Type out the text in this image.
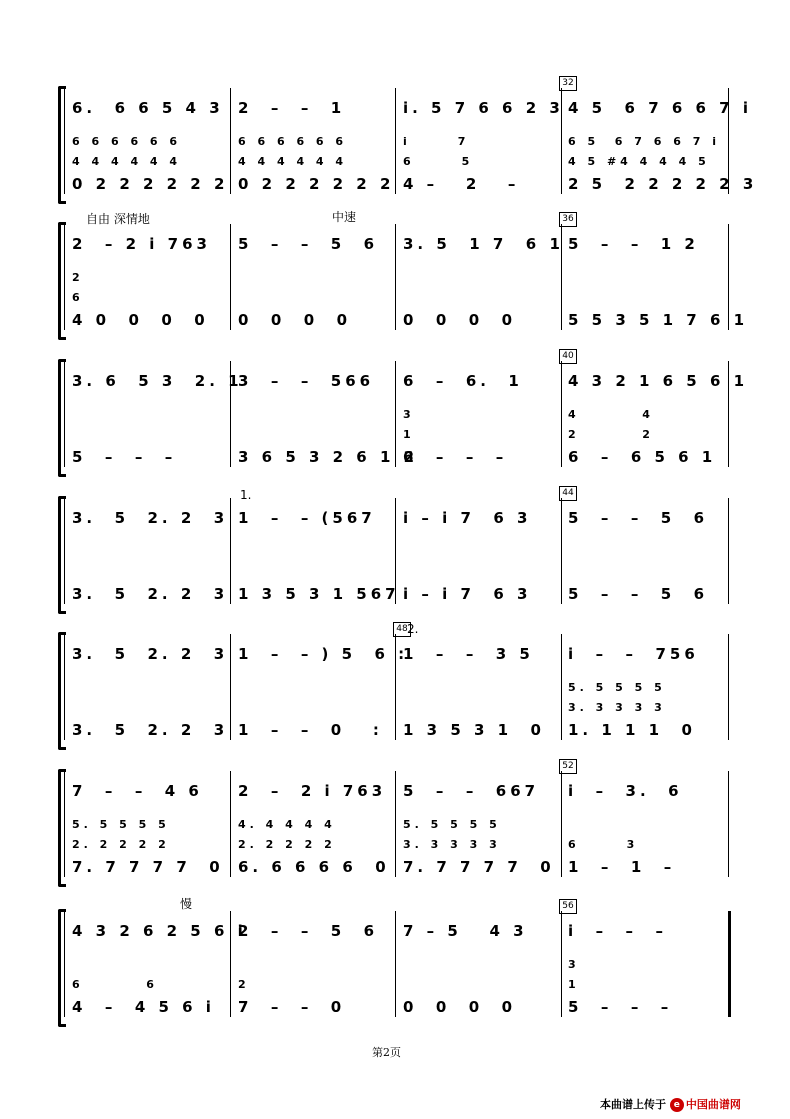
32
6.  6 6 5 4 3
6 6 6 6 6 6
4 4 4 4 4 4
0 2 2 2 2 2 2
2  –  –  1
6 6 6 6 6 6
4 4 4 4 4 4
0 2 2 2 2 2 2
i. 5 7 6 6 2 3
i      7
6      5
4 –   2   –
4 5  6 7 6 6 7 i
6 5  6 7 6 6 7 i
4 5 #4 4 4 4 5
2 5  2 2 2 2 2 3
36
自由 深情地	中速
2  – 2 i 763
2
6
4 0  0  0  0
5  –  –  5  6
0  0  0  0
3. 5  1 7  6 1
0  0  0  0
5  –  –  1 2
5 5 3 5 1 7 6 1
40
3. 6  5 3  2. 1
5  –  –  –
3  –  –  566
3 6 5 3 2 6 1 2
6  –  6.  1
3
1
6  –  –  –
4 3 2 1 6 5 6 1
4        4
2        2
6  –  6 5 6 1
44
1.
3.  5  2. 2  3
3.  5  2. 2  3
1  –  – (567
1 3 5 3 1 567
i – i 7  6 3
i – i 7  6 3
5  –  –  5  6
5  –  –  5  6
48 2.
3.  5  2. 2  3
3.  5  2. 2  3
1  –  – ) 5  6 :
1  –  –  0   :
1  –  –  3 5
1 3 5 3 1  0
i  –  –  756
5. 5 5 5 5
3. 3 3 3 3
1. 1 1 1  0
52
7  –  –  4 6
5. 5 5 5 5
2. 2 2 2 2
7. 7 7 7 7  0
2  –  2 i 763
4. 4 4 4 4
2. 2 2 2 2
6. 6 6 6 6  0
5  –  –  667
5. 5 5 5 5
3. 3 3 3 3
7. 7 7 7 7  0
i  –  3.  6
6      3
1  –  1  –
56
慢
4 3 2 6 2 5 6 i
6        6
4  –  4 5 6 i
2  –  –  5  6
2
7  –  –  0
7 – 5   4 3
0  0  0  0
i  –  –  –
3
1
5  –  –  –
第2页
本曲谱上传于 e 中国曲谱网
